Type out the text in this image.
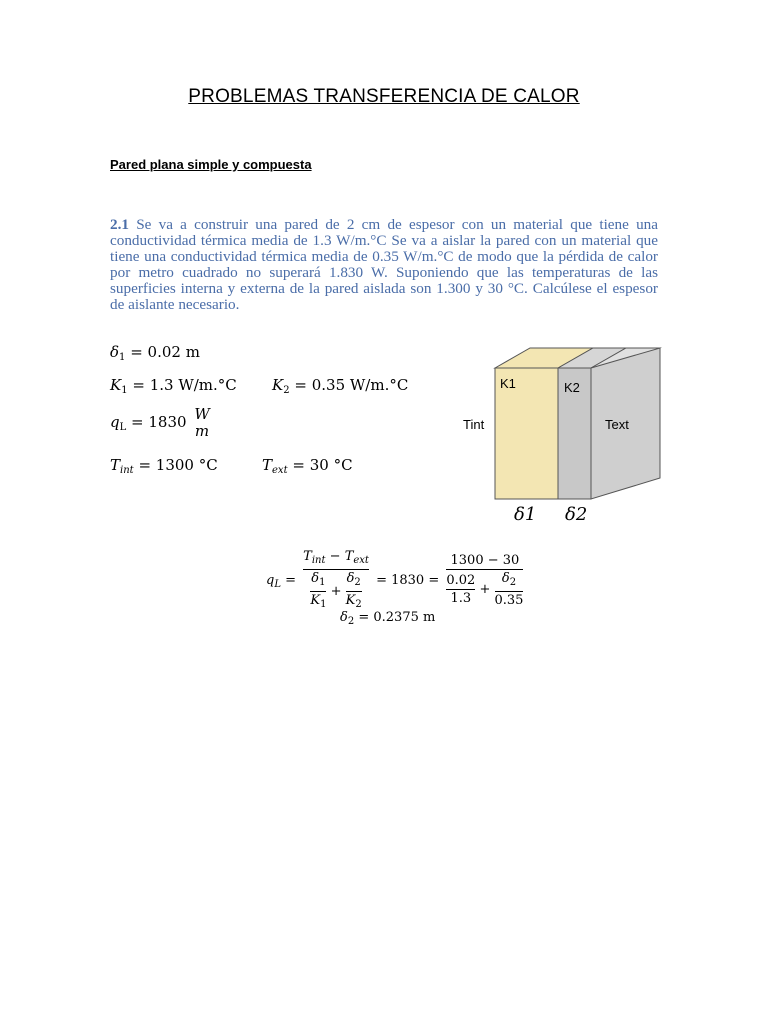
PROBLEMAS TRANSFERENCIA DE CALOR
Pared plana simple y compuesta
2.1 Se va a construir una pared de 2 cm de espesor con un material que tiene una conductividad térmica media de 1.3 W/m.°C Se va a aislar la pared con un material que tiene una conductividad térmica media de 0.35 W/m.°C de modo que la pérdida de calor por metro cuadrado no superará 1.830 W. Suponiendo que las temperaturas de las superficies interna y externa de la pared aislada son 1.300 y 30 °C. Calcúlese el espesor de aislante necesario.
$\delta_1 = 0.02$ m
$K_1 = 1.3$ W/m.°C $K_2 = 0.35$ W/m.°C
$q_L = 1830$ W
m
$T_{int} = 1300$ °C	$T_{ext} = 30$ °C
K1	K2
Tint	Text
δ1 δ2
$q_L = \frac{T_{int} - T_{ext}}{\frac{\delta_1}{K_1} + \frac{\delta_2}{K_2}} = 1830 = \frac{1300 - 30}{\frac{0.02}{1.3} + \frac{\delta_2}{0.35}}$
$\delta_2 = 0.2375$ m
